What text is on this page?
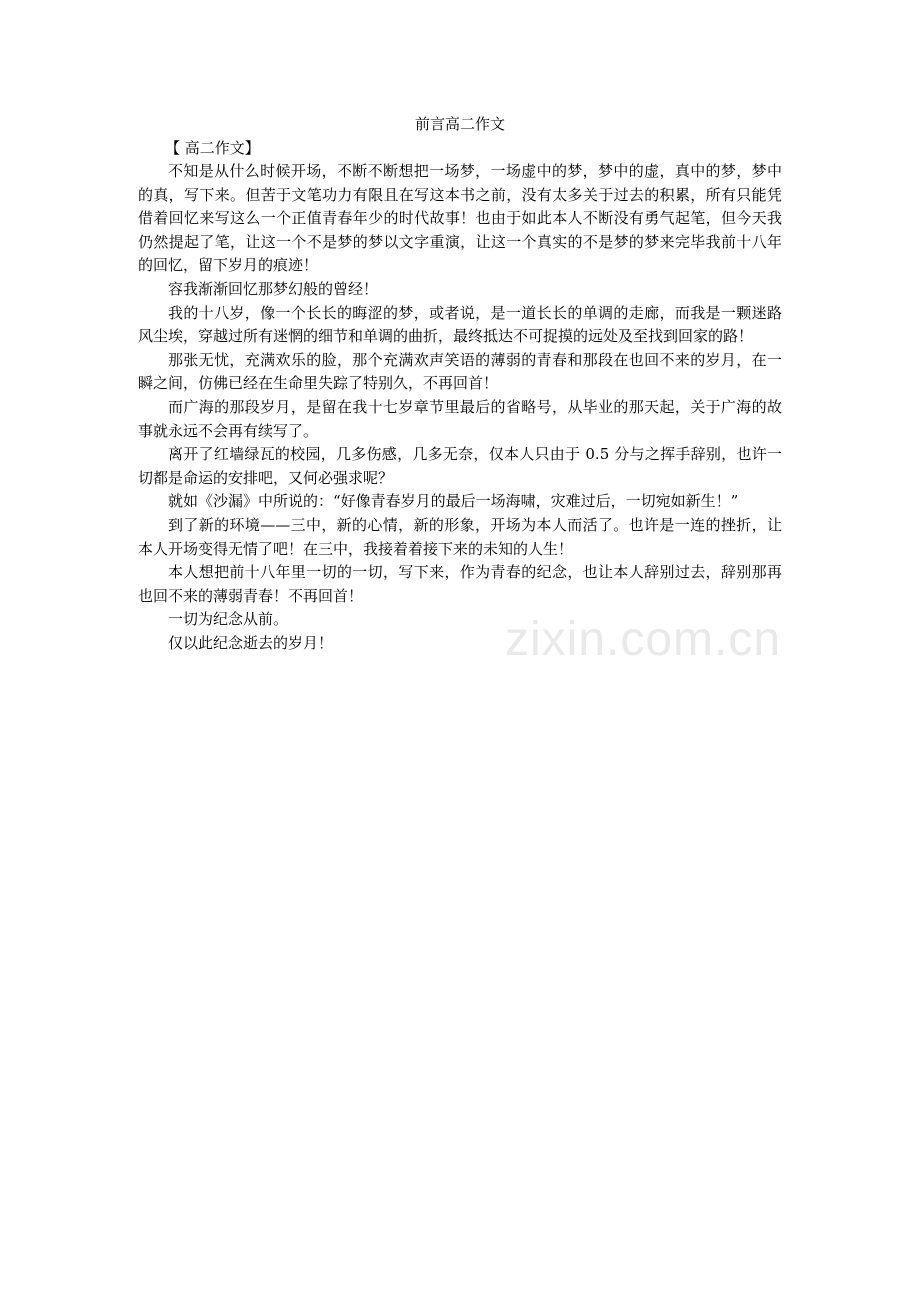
前言高二作文

【 高二作文】

不知是从什么时候开场，不断不断想把一场梦，一场虚中的梦，梦中的虚，真中的梦，梦中的真，写下来。但苦于文笔功力有限且在写这本书之前，没有太多关于过去的积累，所有只能凭借着回忆来写这么一个正值青春年少的时代故事！也由于如此本人不断没有勇气起笔，但今天我仍然提起了笔，让这一个不是梦的梦以文字重演，让这一个真实的不是梦的梦来完毕我前十八年的回忆，留下岁月的痕迹！

容我渐渐回忆那梦幻般的曾经！

我的十八岁，像一个长长的晦涩的梦，或者说，是一道长长的单调的走廊，而我是一颗迷路风尘埃，穿越过所有迷惘的细节和单调的曲折，最终抵达不可捉摸的远处及至找到回家的路！

那张无忧，充满欢乐的脸，那个充满欢声笑语的薄弱的青春和那段在也回不来的岁月，在一瞬之间，仿佛已经在生命里失踪了特别久，不再回首！

而广海的那段岁月，是留在我十七岁章节里最后的省略号，从毕业的那天起，关于广海的故事就永远不会再有续写了。

离开了红墙绿瓦的校园，几多伤感，几多无奈，仅本人只由于 0.5 分与之挥手辞别，也许一切都是命运的安排吧，又何必强求呢？

就如《沙漏》中所说的：“好像青春岁月的最后一场海啸，灾难过后，一切宛如新生！”

到了新的环境——三中，新的心情，新的形象，开场为本人而活了。也许是一连的挫折，让本人开场变得无情了吧！在三中，我接着着接下来的未知的人生！

本人想把前十八年里一切的一切，写下来，作为青春的纪念，也让本人辞别过去，辞别那再也回不来的薄弱青春！不再回首！

一切为纪念从前。

仅以此纪念逝去的岁月！	zixin.com.cn
